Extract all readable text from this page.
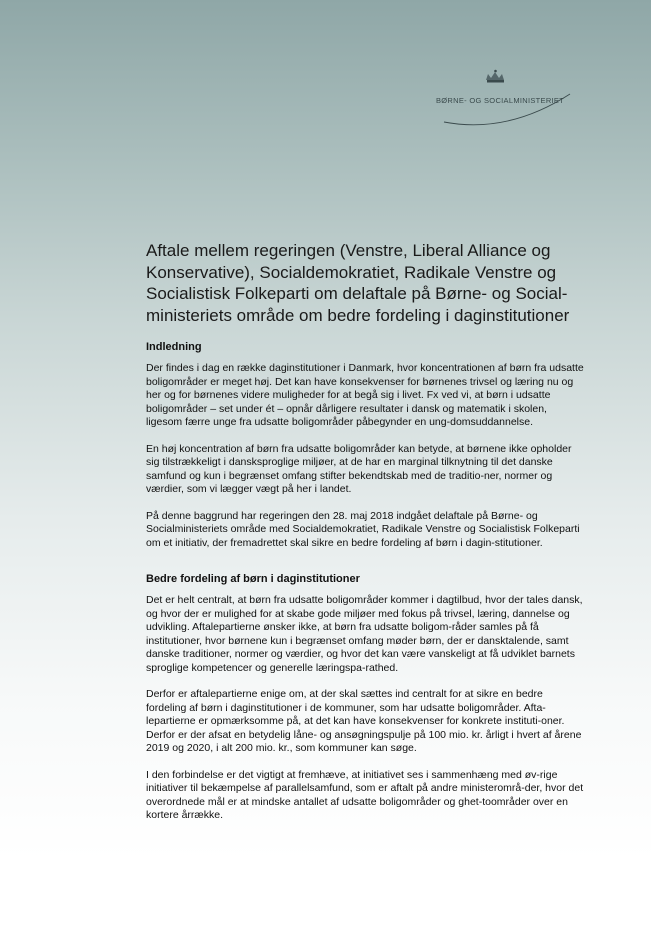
BØRNE- OG SOCIALMINISTERIET
Aftale mellem regeringen (Venstre, Liberal Alliance og Konservative), Socialdemokratiet, Radikale Venstre og Socialistisk Folkeparti om delaftale på Børne- og Social-ministeriets område om bedre fordeling i daginstitutioner
Indledning

Der findes i dag en række daginstitutioner i Danmark, hvor koncentrationen af børn fra udsatte boligområder er meget høj. Det kan have konsekvenser for børnenes trivsel og læring nu og her og for børnenes videre muligheder for at begå sig i livet. Fx ved vi, at børn i udsatte boligområder – set under ét – opnår dårligere resultater i dansk og matematik i skolen, ligesom færre unge fra udsatte boligområder påbegynder en ung-domsuddannelse.

En høj koncentration af børn fra udsatte boligområder kan betyde, at børnene ikke opholder sig tilstrækkeligt i dansksproglige miljøer, at de har en marginal tilknytning til det danske samfund og kun i begrænset omfang stifter bekendtskab med de traditio-ner, normer og værdier, som vi lægger vægt på her i landet.

På denne baggrund har regeringen den 28. maj 2018 indgået delaftale på Børne- og Socialministeriets område med Socialdemokratiet, Radikale Venstre og Socialistisk Folkeparti om et initiativ, der fremadrettet skal sikre en bedre fordeling af børn i dagin-stitutioner.

Bedre fordeling af børn i daginstitutioner

Det er helt centralt, at børn fra udsatte boligområder kommer i dagtilbud, hvor der tales dansk, og hvor der er mulighed for at skabe gode miljøer med fokus på trivsel, læring, dannelse og udvikling. Aftalepartierne ønsker ikke, at børn fra udsatte boligom-råder samles på få institutioner, hvor børnene kun i begrænset omfang møder børn, der er dansktalende, samt danske traditioner, normer og værdier, og hvor det kan være vanskeligt at få udviklet barnets sproglige kompetencer og generelle læringspa-rathed.

Derfor er aftalepartierne enige om, at der skal sættes ind centralt for at sikre en bedre fordeling af børn i daginstitutioner i de kommuner, som har udsatte boligområder. Afta-lepartierne er opmærksomme på, at det kan have konsekvenser for konkrete instituti-oner. Derfor er der afsat en betydelig låne- og ansøgningspulje på 100 mio. kr. årligt i hvert af årene 2019 og 2020, i alt 200 mio. kr., som kommuner kan søge.

I den forbindelse er det vigtigt at fremhæve, at initiativet ses i sammenhæng med øv-rige initiativer til bekæmpelse af parallelsamfund, som er aftalt på andre ministerområ-der, hvor det overordnede mål er at mindske antallet af udsatte boligområder og ghet-toområder over en kortere årrække.
